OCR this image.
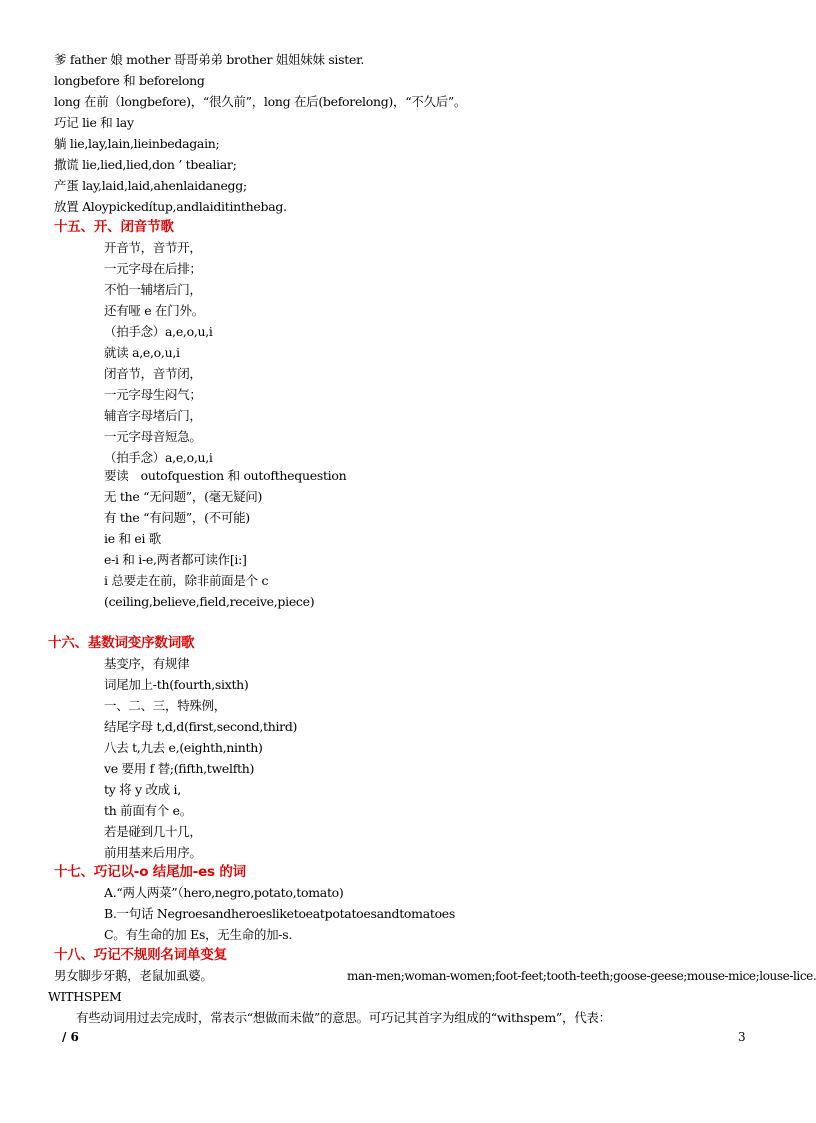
爹 father 娘 mother 哥哥弟弟 brother 姐姐妹妹 sister.
longbefore 和 beforelong
long 在前（longbefore)，“很久前”，long 在后(beforelong)，“不久后”。
巧记 lie 和 lay
躺 lie,lay,lain,lieinbedagain;
撒谎 lie,lied,lied,don ’ tbealiar;
产蛋 lay,laid,laid,ahenlaidanegg;
放置 Aloypickedítup,andlaiditinthebag.
十五、开、闭音节歌
开音节，音节开，
一元字母在后排；
不怕一辅堵后门，
还有哑 e 在门外。
（拍手念）a,e,o,u,i
就读 a,e,o,u,i
闭音节，音节闭，
一元字母生闷气；
辅音字母堵后门，
一元字母音短急。
（拍手念）a,e,o,u,i
要读　outofquestion 和 outofthequestion
无 the “无问题”，(毫无疑问)
有 the “有问题”，(不可能)
ie 和 ei 歌
e-i 和 i-e,两者都可读作[i:]
i 总要走在前，除非前面是个 c
(ceiling,believe,field,receive,piece)
十六、基数词变序数词歌
基变序，有规律
词尾加上-th(fourth,sixth)
一、二、三，特殊例，
结尾字母 t,d,d(first,second,third)
八去 t,九去 e,(eighth,ninth)
ve 要用 f 替;(fifth,twelfth)
ty 将 y 改成 i,
th 前面有个 e。
若是碰到几十几，
前用基来后用序。
十七、巧记以-o 结尾加-es 的词
A.“两人两菜”（hero,negro,potato,tomato)
B.一句话 Negroesandheroesliketoeatpotatoesandtomatoes
C。有生命的加 Es，无生命的加-s.
十八、巧记不规则名词单变复
男女脚步牙鹅，老鼠加虱婆。	man-men;woman-women;foot-feet;tooth-teeth;goose-geese;mouse-mice;louse-lice.
WITHSPEM
有些动词用过去完成时，常表示“想做而未做”的意思。可巧记其首字为组成的“withspem”，代表：
/ 6	3
